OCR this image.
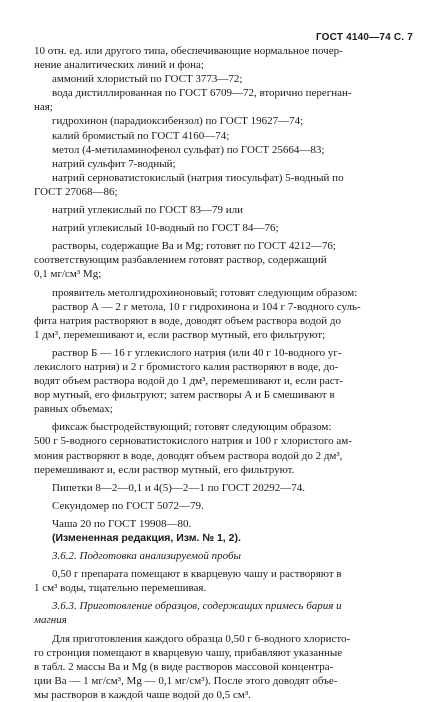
ГОСТ 4140—74 С. 7

10 отн. ед. или другого типа, обеспечивающие нормальное почер-

нение аналитических линий и фона;

аммоний хлористый по ГОСТ 3773—72;

вода дистиллированная по ГОСТ 6709—72, вторично перегнан-

ная;

гидрохинон (парадиоксибензол) по ГОСТ 19627—74;

калий бромистый по ГОСТ 4160—74;

метол (4-метиламинофенол сульфат) по ГОСТ 25664—83;

натрий сульфит 7-водный;

натрий серноватистокислый (натрия тиосульфат) 5-водный по

ГОСТ 27068—86;

натрий углекислый по ГОСТ 83—79 или

натрий углекислый 10-водный по ГОСТ 84—76;

растворы, содержащие Ва и Mg; готовят по ГОСТ 4212—76;

соответствующим разбавлением готовят раствор, содержащий

0,1 мг/см³ Mg;

проявитель метолгидрохиноновый; готовят следующим образом:

раствор А — 2 г метола, 10 г гидрохинона и 104 г 7-водного суль-

фита натрия растворяют в воде, доводят объем раствора водой до

1 дм³, перемешивают и, если раствор мутный, его фильтруют;

раствор Б — 16 г углекислого натрия (или 40 г 10-водного уг-

лекислого натрия) и 2 г бромистого калия растворяют в воде, до-

водят объем раствора водой до 1 дм³, перемешивают и, если раст-

вор мутный, его фильтруют; затем растворы А и Б смешивают в

равных объемах;

фиксаж быстродействующий; готовят следующим образом:

500 г 5-водного серноватистокислого натрия и 100 г хлористого ам-

мония растворяют в воде, доводят объем раствора водой до 2 дм³,

перемешивают и, если раствор мутный, его фильтруют.

Пипетки 8—2—0,1 и 4(5)—2—1 по ГОСТ 20292—74.

Секундомер по ГОСТ 5072—79.

Чаша 20 по ГОСТ 19908—80.

(Измененная редакция, Изм. № 1, 2).

3.6.2. Подготовка анализируемой пробы

0,50 г препарата помещают в кварцевую чашу и растворяют в

1 см³ воды, тщательно перемешивая.

3.6.3. Приготовление образцов, содержащих примесь бария и

магния

Для приготовления каждого образца 0,50 г 6-водного хлористо-

го стронция помещают в кварцевую чашу, прибавляют указанные

в табл. 2 массы Ва и Mg (в виде растворов массовой концентра-

ции Ва — 1 мг/см³, Mg — 0,1 мг/см³). После этого доводят объе-

мы растворов в каждой чаше водой до 0,5 см³.
